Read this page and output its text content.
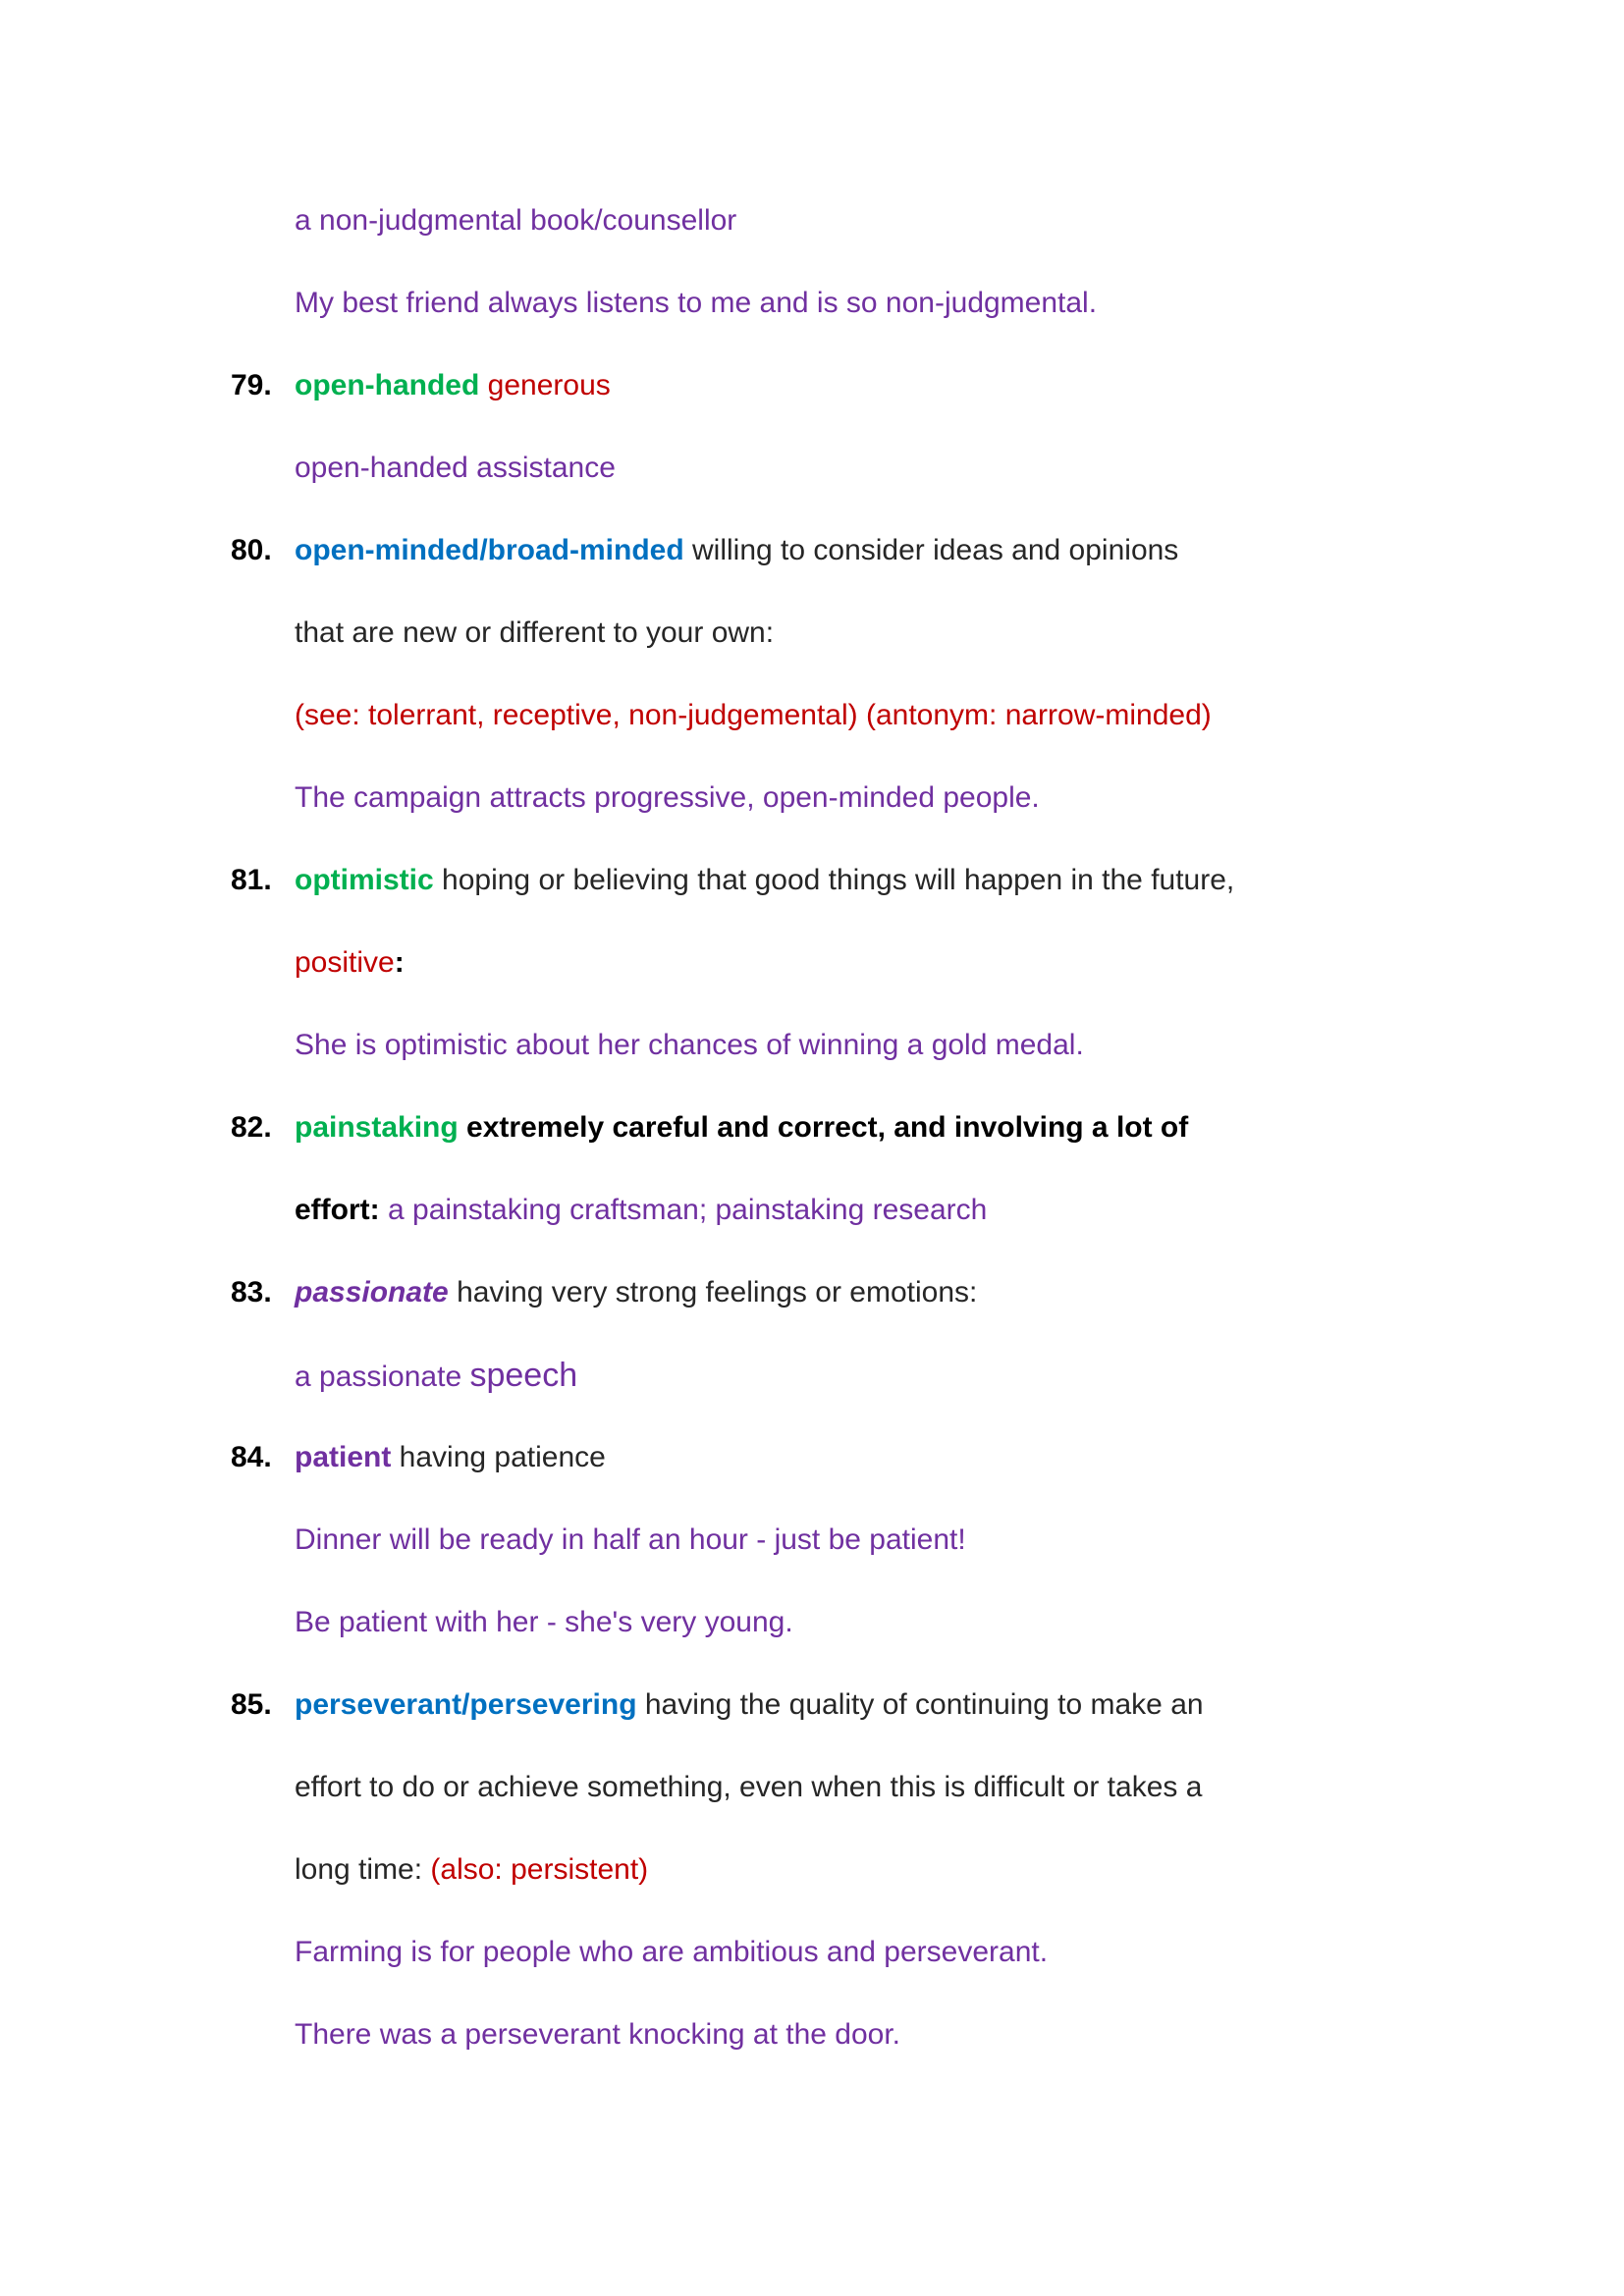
a non-judgmental book/counsellor
My best friend always listens to me and is so non-judgmental.
79. open-handed generous
open-handed assistance
80. open-minded/broad-minded willing to consider ideas and opinions
that are new or different to your own:
(see: tolerrant, receptive, non-judgemental) (antonym: narrow-minded)
The campaign attracts progressive, open-minded people.
81. optimistic hoping or believing that good things will happen in the future,
positive:
She is optimistic about her chances of winning a gold medal.
82. painstaking extremely careful and correct, and involving a lot of
effort: a painstaking craftsman; painstaking research
83. passionate having very strong feelings or emotions:
a passionate speech
84. patient having patience
Dinner will be ready in half an hour - just be patient!
Be patient with her - she's very young.
85. perseverant/persevering having the quality of continuing to make an
effort to do or achieve something, even when this is difficult or takes a
long time: (also: persistent)
Farming is for people who are ambitious and perseverant.
There was a perseverant knocking at the door.
